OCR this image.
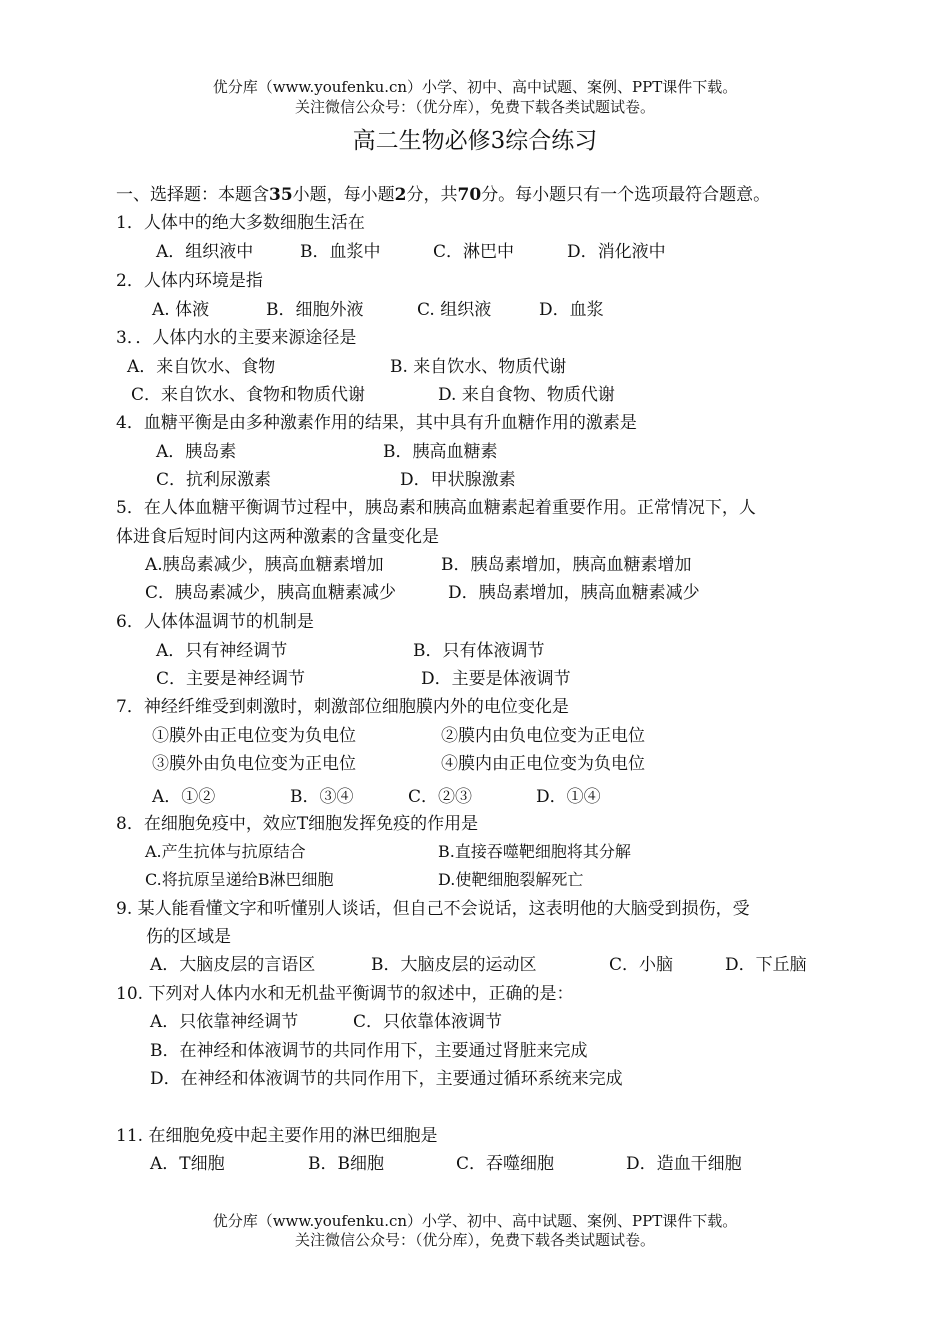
优分库（www.youfenku.cn）小学、初中、高中试题、案例、PPT课件下载。
关注微信公众号：（优分库），免费下载各类试题试卷。
高二生物必修3综合练习
一、选择题：本题含35小题，每小题2分，共70分。每小题只有一个选项最符合题意。
1．人体中的绝大多数细胞生活在
A．组织液中	B．血浆中	C．淋巴中	D．消化液中
2．人体内环境是指
A. 体液	B．细胞外液	C. 组织液	D．血浆
3．．人体内水的主要来源途径是
A．来自饮水、食物	B. 来自饮水、物质代谢
C．来自饮水、食物和物质代谢	D. 来自食物、物质代谢
4．血糖平衡是由多种激素作用的结果，其中具有升血糖作用的激素是
A．胰岛素	B．胰高血糖素
C．抗利尿激素	D．甲状腺激素
5．在人体血糖平衡调节过程中，胰岛素和胰高血糖素起着重要作用。正常情况下，人
体进食后短时间内这两种激素的含量变化是
A.胰岛素减少，胰高血糖素增加	B．胰岛素增加，胰高血糖素增加
C．胰岛素减少，胰高血糖素减少	D．胰岛素增加，胰高血糖素减少
6．人体体温调节的机制是
A．只有神经调节	B．只有体液调节
C．主要是神经调节	D．主要是体液调节
7．神经纤维受到刺激时，刺激部位细胞膜内外的电位变化是
①膜外由正电位变为负电位	②膜内由负电位变为正电位
③膜外由负电位变为正电位	④膜内由正电位变为负电位
A．①②	B．③④	C．②③	D．①④
8．在细胞免疫中，效应T细胞发挥免疫的作用是
A.产生抗体与抗原结合	B.直接吞噬靶细胞将其分解
C.将抗原呈递给B淋巴细胞	D.使靶细胞裂解死亡
9. 某人能看懂文字和听懂别人谈话，但自己不会说话，这表明他的大脑受到损伤，受
伤的区域是
A．大脑皮层的言语区	B．大脑皮层的运动区	C．小脑	D．下丘脑
10. 下列对人体内水和无机盐平衡调节的叙述中，正确的是：
A．只依靠神经调节	C．只依靠体液调节
B．在神经和体液调节的共同作用下，主要通过肾脏来完成
D．在神经和体液调节的共同作用下，主要通过循环系统来完成
11. 在细胞免疫中起主要作用的淋巴细胞是
A．T细胞	B．B细胞	C．吞噬细胞	D．造血干细胞
优分库（www.youfenku.cn）小学、初中、高中试题、案例、PPT课件下载。
关注微信公众号：（优分库），免费下载各类试题试卷。
